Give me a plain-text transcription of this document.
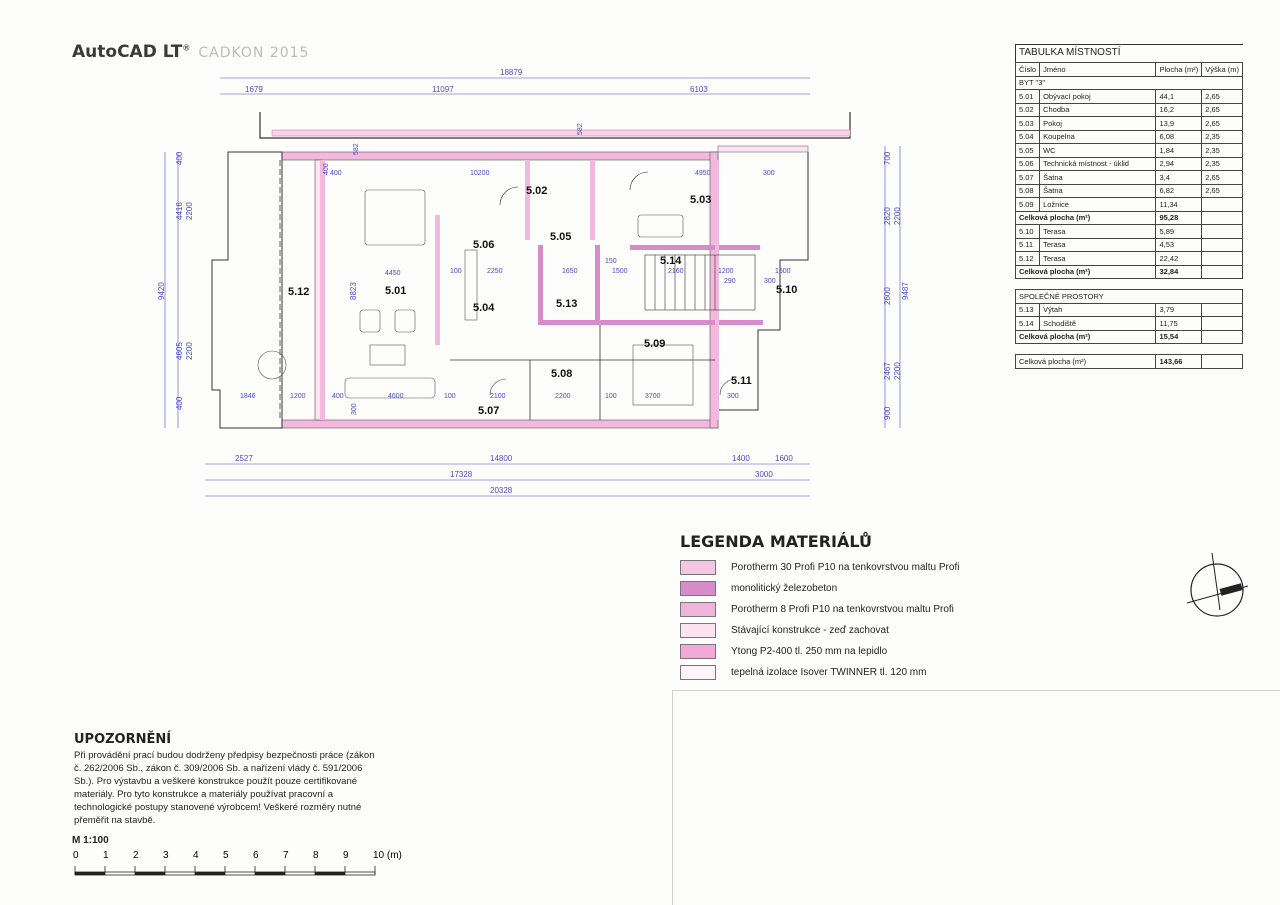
AutoCAD LT® CADKON 2015
18879
1679	11097	6103
9420
4416 2200
4605 2200
400
400
8823	9487
2820 2200
2600
2467 2200
700
900
2527	14800	1400	1600
17328	3000
20328
10200	4950
4450	2250	1650	1500	2160	1200	1600
290	300
1846	1200	400	4600	100	2100	2200	100	3700	300
300
400
100
150
582
582
300
400
5.01
5.02
5.03
5.04
5.05
5.06
5.07
5.08
5.09
5.10
5.11
5.12
5.13
5.14
TABULKA MÍSTNOSTÍ
Číslo	Jméno	Plocha (m²)	Výška (m)
BYT "3"			
5.01	Obývací pokoj	44,1	2,65
5.02	Chodba	16,2	2,65
5.03	Pokoj	13,9	2,65
5.04	Koupelna	6,08	2,35
5.05	WC	1,84	2,35
5.06	Technická místnost - úklid	2,94	2,35
5.07	Šatna	3,4	2,65
5.08	Šatna	6,82	2,65
5.09	Ložnice	11,34	
Celková plocha (m²)		95,28	
5.10	Terasa	5,89	
5.11	Terasa	4,53	
5.12	Terasa	22,42	
Celková plocha (m²)		32,84	

SPOLEČNÉ PROSTORY			
5.13	Výtah	3,79	
5.14	Schodiště	11,75	
Celková plocha (m²)		15,54	

Celková plocha (m²)		143,66	
LEGENDA MATERIÁLŮ
Porotherm 30 Profi P10 na tenkovrstvou maltu Profi
monolitický železobeton
Porotherm 8 Profi P10 na tenkovrstvou maltu Profi
Stávající konstrukce - zeď zachovat
Ytong P2-400 tl. 250 mm na lepidlo
tepelná izolace Isover TWINNER tl. 120 mm
UPOZORNĚNÍ

Při provádění prací budou dodrženy předpisy bezpečnosti práce (zákon č. 262/2006 Sb., zákon č. 309/2006 Sb. a nařízení vlády č. 591/2006 Sb.). Pro výstavbu a veškeré konstrukce použít pouze certifikované materiály. Pro tyto konstrukce a materiály používat pracovní a technologické postupy stanovené výrobcem! Veškeré rozměry nutné přeměřit na stavbě.

M 1:100
0 1 2 3 4 5 6 7 8 9 10 (m)
